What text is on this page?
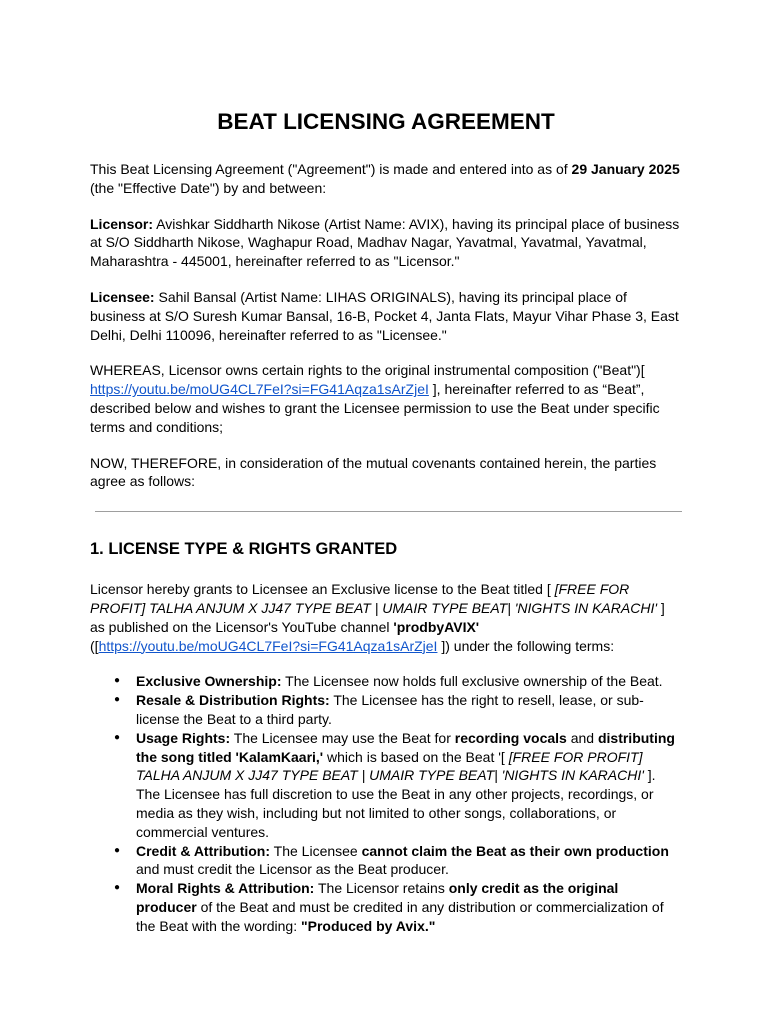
BEAT LICENSING AGREEMENT

This Beat Licensing Agreement ("Agreement") is made and entered into as of 29 January 2025 (the "Effective Date") by and between:

Licensor: Avishkar Siddharth Nikose (Artist Name: AVIX), having its principal place of business at S/O Siddharth Nikose, Waghapur Road, Madhav Nagar, Yavatmal, Yavatmal, Yavatmal, Maharashtra - 445001, hereinafter referred to as "Licensor."

Licensee: Sahil Bansal (Artist Name: LIHAS ORIGINALS), having its principal place of business at S/O Suresh Kumar Bansal, 16-B, Pocket 4, Janta Flats, Mayur Vihar Phase 3, East Delhi, Delhi 110096, hereinafter referred to as "Licensee."

WHEREAS, Licensor owns certain rights to the original instrumental composition ("Beat")[ https://youtu.be/moUG4CL7FeI?si=FG41Aqza1sArZjeI ], hereinafter referred to as “Beat”, described below and wishes to grant the Licensee permission to use the Beat under specific terms and conditions;

NOW, THEREFORE, in consideration of the mutual covenants contained herein, the parties agree as follows:

1. LICENSE TYPE & RIGHTS GRANTED

Licensor hereby grants to Licensee an Exclusive license to the Beat titled [ [FREE FOR PROFIT] TALHA ANJUM X JJ47 TYPE BEAT | UMAIR TYPE BEAT| 'NIGHTS IN KARACHI' ] as published on the Licensor's YouTube channel 'prodbyAVIX' ([https://youtu.be/moUG4CL7FeI?si=FG41Aqza1sArZjeI ]) under the following terms:

● Exclusive Ownership: The Licensee now holds full exclusive ownership of the Beat.
● Resale & Distribution Rights: The Licensee has the right to resell, lease, or sub-license the Beat to a third party.
● Usage Rights: The Licensee may use the Beat for recording vocals and distributing the song titled 'KalamKaari,' which is based on the Beat '[ [FREE FOR PROFIT] TALHA ANJUM X JJ47 TYPE BEAT | UMAIR TYPE BEAT| 'NIGHTS IN KARACHI' ]. The Licensee has full discretion to use the Beat in any other projects, recordings, or media as they wish, including but not limited to other songs, collaborations, or commercial ventures.
● Credit & Attribution: The Licensee cannot claim the Beat as their own production and must credit the Licensor as the Beat producer.
● Moral Rights & Attribution: The Licensor retains only credit as the original producer of the Beat and must be credited in any distribution or commercialization of the Beat with the wording: "Produced by Avix."
